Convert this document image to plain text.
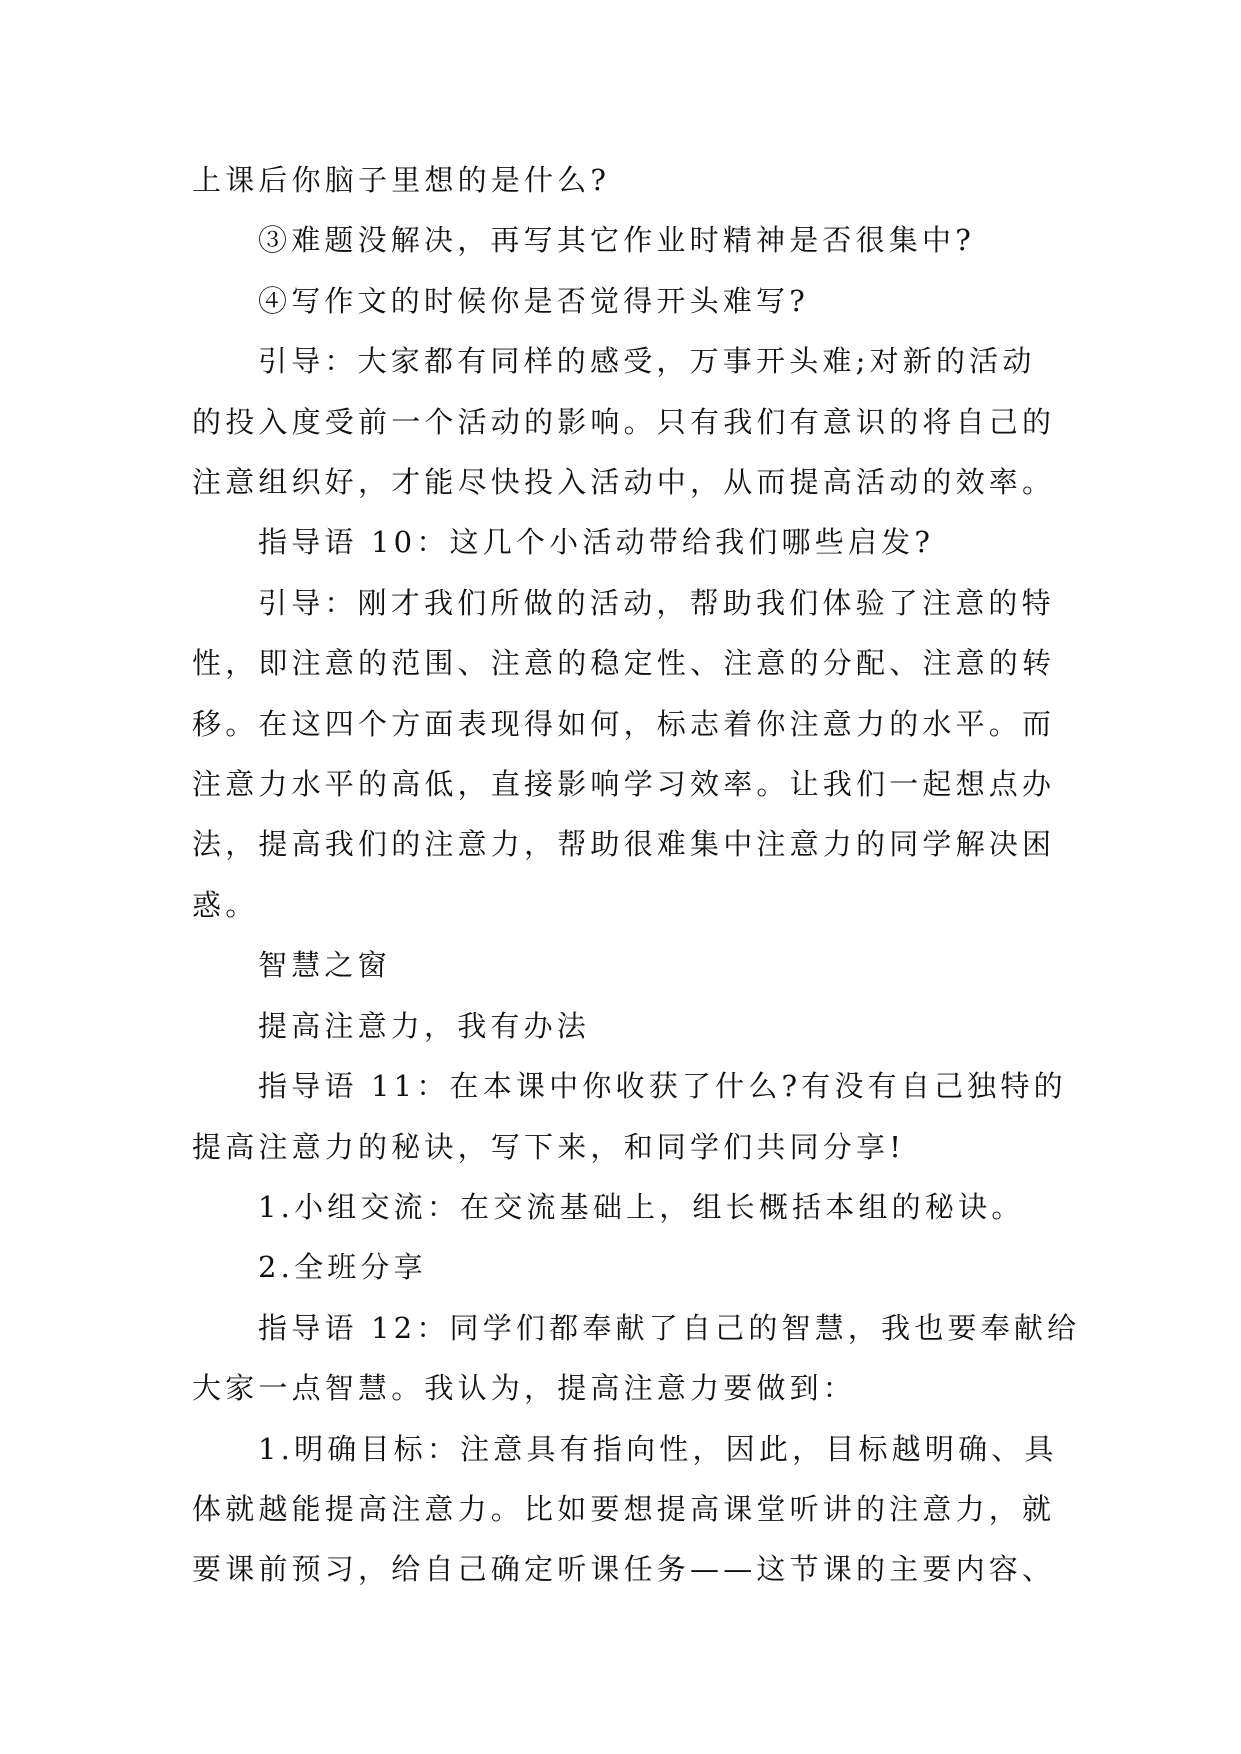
上课后你脑子里想的是什么?

③难题没解决，再写其它作业时精神是否很集中?

④写作文的时候你是否觉得开头难写?

引导：大家都有同样的感受，万事开头难;对新的活动
的投入度受前一个活动的影响。只有我们有意识的将自己的
注意组织好，才能尽快投入活动中，从而提高活动的效率。

指导语 10：这几个小活动带给我们哪些启发?

引导：刚才我们所做的活动，帮助我们体验了注意的特
性，即注意的范围、注意的稳定性、注意的分配、注意的转
移。在这四个方面表现得如何，标志着你注意力的水平。而
注意力水平的高低，直接影响学习效率。让我们一起想点办
法，提高我们的注意力，帮助很难集中注意力的同学解决困
惑。

智慧之窗

提高注意力，我有办法

指导语 11：在本课中你收获了什么?有没有自己独特的
提高注意力的秘诀，写下来，和同学们共同分享!

1.小组交流：在交流基础上，组长概括本组的秘诀。

2.全班分享

指导语 12：同学们都奉献了自己的智慧，我也要奉献给
大家一点智慧。我认为，提高注意力要做到：

1.明确目标：注意具有指向性，因此，目标越明确、具
体就越能提高注意力。比如要想提高课堂听讲的注意力，就
要课前预习，给自己确定听课任务——这节课的主要内容、
